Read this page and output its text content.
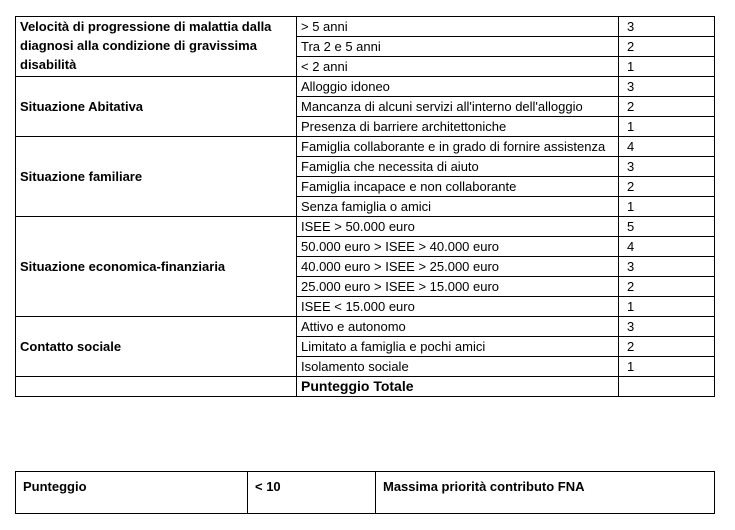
Velocità di progressione di malattia dalla diagnosi alla condizione di gravissima disabilità	> 5 anni	3
	Tra 2 e 5 anni	2
	< 2 anni	1
Situazione Abitativa	Alloggio idoneo	3
	Mancanza di alcuni servizi all'interno dell'alloggio	2
	Presenza di barriere architettoniche	1
Situazione familiare	Famiglia collaborante e in grado di fornire assistenza	4
	Famiglia che necessita di aiuto	3
	Famiglia incapace e non collaborante	2
	Senza famiglia o amici	1
Situazione economica-finanziaria	ISEE > 50.000 euro	5
	50.000 euro > ISEE > 40.000 euro	4
	40.000 euro > ISEE > 25.000 euro	3
	25.000 euro > ISEE > 15.000 euro	2
	ISEE < 15.000 euro	1
Contatto sociale	Attivo e autonomo	3
	Limitato a famiglia e pochi amici	2
	Isolamento sociale	1
	Punteggio Totale	
Punteggio	< 10	Massima priorità contributo FNA
